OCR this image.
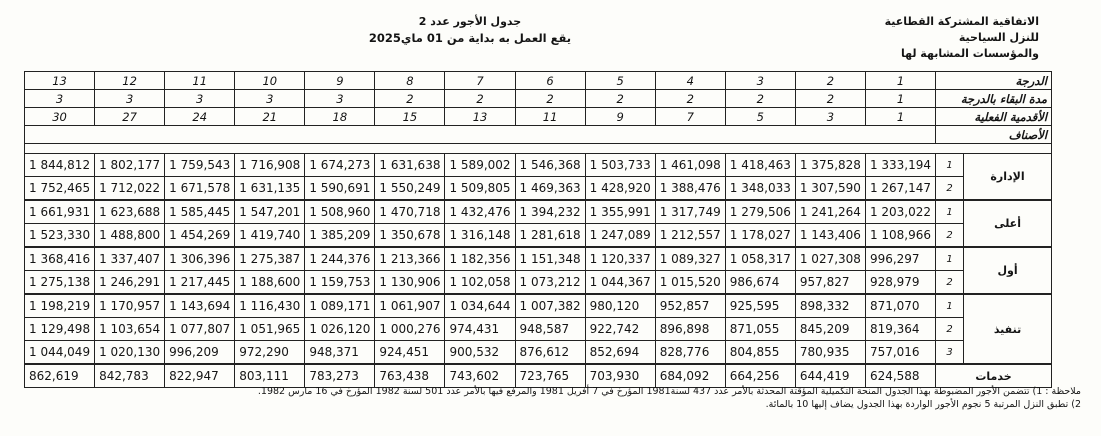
الاتفاقية المشتركة القطاعية
للنزل السياحية
والمؤسسات المشابهة لها
جدول الأجور عدد 2
يقع العمل به بداية من 01 ماي2025
الدرجة		1	2	3	4	5	6	7	8	9	10	11	12	13
مدة البقاء بالدرجة		1	2	2	2	2	2	2	2	3	3	3	3	3
الأقدمية الفعلية		1	3	5	7	9	11	13	15	18	21	24	27	30
الأصناف														

الإدارة	1	1 333,194	1 375,828	1 418,463	1 461,098	1 503,733	1 546,368	1 589,002	1 631,638	1 674,273	1 716,908	1 759,543	1 802,177	1 844,812
	2	1 267,147	1 307,590	1 348,033	1 388,476	1 428,920	1 469,363	1 509,805	1 550,249	1 590,691	1 631,135	1 671,578	1 712,022	1 752,465
أعلى	1	1 203,022	1 241,264	1 279,506	1 317,749	1 355,991	1 394,232	1 432,476	1 470,718	1 508,960	1 547,201	1 585,445	1 623,688	1 661,931
	2	1 108,966	1 143,406	1 178,027	1 212,557	1 247,089	1 281,618	1 316,148	1 350,678	1 385,209	1 419,740	1 454,269	1 488,800	1 523,330
أول	1	996,297	1 027,308	1 058,317	1 089,327	1 120,337	1 151,348	1 182,356	1 213,366	1 244,376	1 275,387	1 306,396	1 337,407	1 368,416
	2	928,979	957,827	986,674	1 015,520	1 044,367	1 073,212	1 102,058	1 130,906	1 159,753	1 188,600	1 217,445	1 246,291	1 275,138
تنفيذ	1	871,070	898,332	925,595	952,857	980,120	1 007,382	1 034,644	1 061,907	1 089,171	1 116,430	1 143,694	1 170,957	1 198,219
	2	819,364	845,209	871,055	896,898	922,742	948,587	974,431	1 000,276	1 026,120	1 051,965	1 077,807	1 103,654	1 129,498
	3	757,016	780,935	804,855	828,776	852,694	876,612	900,532	924,451	948,371	972,290	996,209	1 020,130	1 044,049
خدمات		624,588	644,419	664,256	684,092	703,930	723,765	743,602	763,438	783,273	803,111	822,947	842,783	862,619
ملاحظة : 1) تتضمن الأجور المضبوطة بهذا الجدول المنحة التكميلية المؤقتة المحدثة بالأمر عدد 437 لسنة1981 المؤرخ في 7 أفريل 1981 والمرفع فيها بالأمر عدد 501 لسنة 1982 المؤرخ في 16 مارس 1982.
2) تطبق النزل المرتبة 5 نجوم الأجور الواردة بهذا الجدول يضاف إليها 10 بالمائة.
